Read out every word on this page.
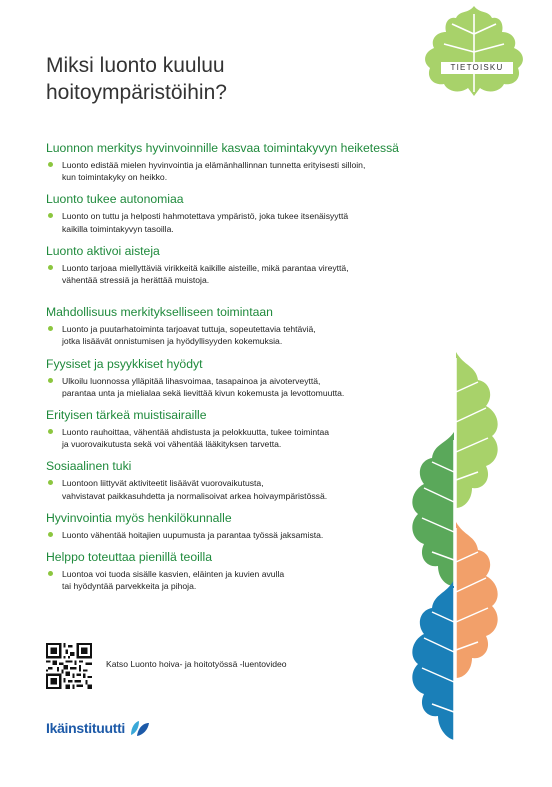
TIETOISKU
Miksi luonto kuuluu
hoitoympäristöihin?
Luonnon merkitys hyvinvoinnille kasvaa toimintakyvyn heiketessä
Luonto edistää mielen hyvinvointia ja elämänhallinnan tunnetta erityisesti silloin,
kun toimintakyky on heikko.
Luonto tukee autonomiaa
Luonto on tuttu ja helposti hahmotettava ympäristö, joka tukee itsenäisyyttä
kaikilla toimintakyvyn tasoilla.
Luonto aktivoi aisteja
Luonto tarjoaa miellyttäviä virikkeitä kaikille aisteille, mikä parantaa vireyttä,
vähentää stressiä ja herättää muistoja.
Mahdollisuus merkitykselliseen toimintaan
Luonto ja puutarhatoiminta tarjoavat tuttuja, sopeutettavia tehtäviä,
jotka lisäävät onnistumisen ja hyödyllisyyden kokemuksia.
Fyysiset ja psyykkiset hyödyt
Ulkoilu luonnossa ylläpitää lihasvoimaa, tasapainoa ja aivoterveyttä,
parantaa unta ja mielialaa sekä lievittää kivun kokemusta ja levottomuutta.
Erityisen tärkeä muistisairaille
Luonto rauhoittaa, vähentää ahdistusta ja pelokkuutta, tukee toimintaa
ja vuorovaikutusta sekä voi vähentää lääkityksen tarvetta.
Sosiaalinen tuki
Luontoon liittyvät aktiviteetit lisäävät vuorovaikutusta,
vahvistavat paikkasuhdetta ja normalisoivat arkea hoivaympäristössä.
Hyvinvointia myös henkilökunnalle
Luonto vähentää hoitajien uupumusta ja parantaa työssä jaksamista.
Helppo toteuttaa pienillä teoilla
Luontoa voi tuoda sisälle kasvien, eläinten ja kuvien avulla
tai hyödyntää parvekkeita ja pihoja.
Katso Luonto hoiva- ja hoitotyössä -luentovideo
Ikäinstituutti
